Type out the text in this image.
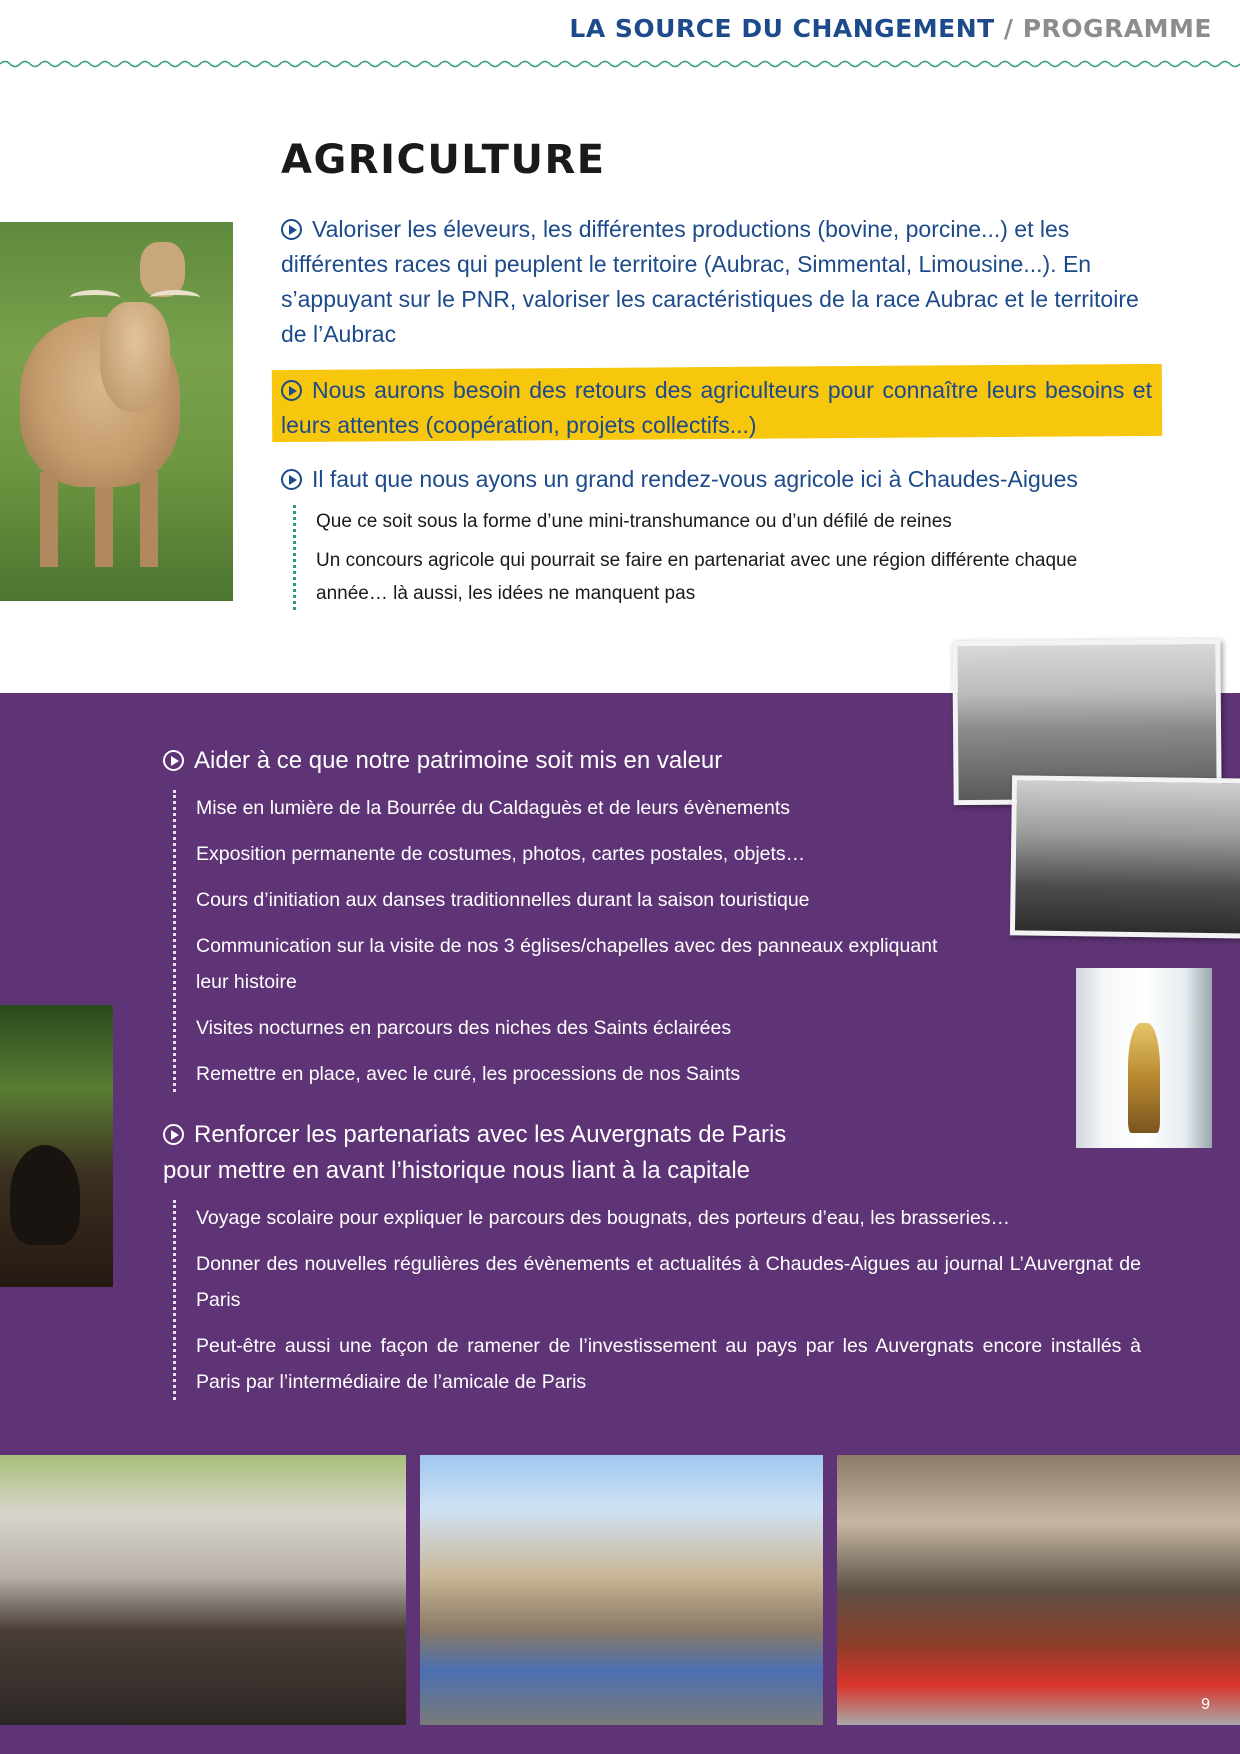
LA SOURCE DU CHANGEMENT / PROGRAMME
AGRICULTURE

Valoriser les éleveurs, les différentes productions (bovine, porcine...) et les différentes races qui peuplent le territoire (Aubrac, Simmental, Limousine...). En s’appuyant sur le PNR, valoriser les caractéristiques de la race Aubrac et le territoire de l’Aubrac

Nous aurons besoin des retours des agriculteurs pour connaître leurs besoins et leurs attentes (coopération, projets collectifs...)

Il faut que nous ayons un grand rendez-vous agricole ici à Chaudes-Aigues

Que ce soit sous la forme d’une mini-transhumance ou d’un défilé de reines
Un concours agricole qui pourrait se faire en partenariat avec une région différente chaque année… là aussi, les idées ne manquent pas

Aider à ce que notre patrimoine soit mis en valeur

Mise en lumière de la Bourrée du Caldaguès et de leurs évènements
Exposition permanente de costumes, photos, cartes postales, objets…
Cours d’initiation aux danses traditionnelles durant la saison touristique
Communication sur la visite de nos 3 églises/chapelles avec des panneaux expliquant leur histoire
Visites nocturnes en parcours des niches des Saints éclairées
Remettre en place, avec le curé, les processions de nos Saints

Renforcer les partenariats avec les Auvergnats de Paris
pour mettre en avant l’historique nous liant à la capitale

Voyage scolaire pour expliquer le parcours des bougnats, des porteurs d’eau, les brasseries…
Donner des nouvelles régulières des évènements et actualités à Chaudes-Aigues au journal L’Auvergnat de Paris
Peut-être aussi une façon de ramener de l’investissement au pays par les Auvergnats encore installés à Paris par l’intermédiaire de l’amicale de Paris
9
